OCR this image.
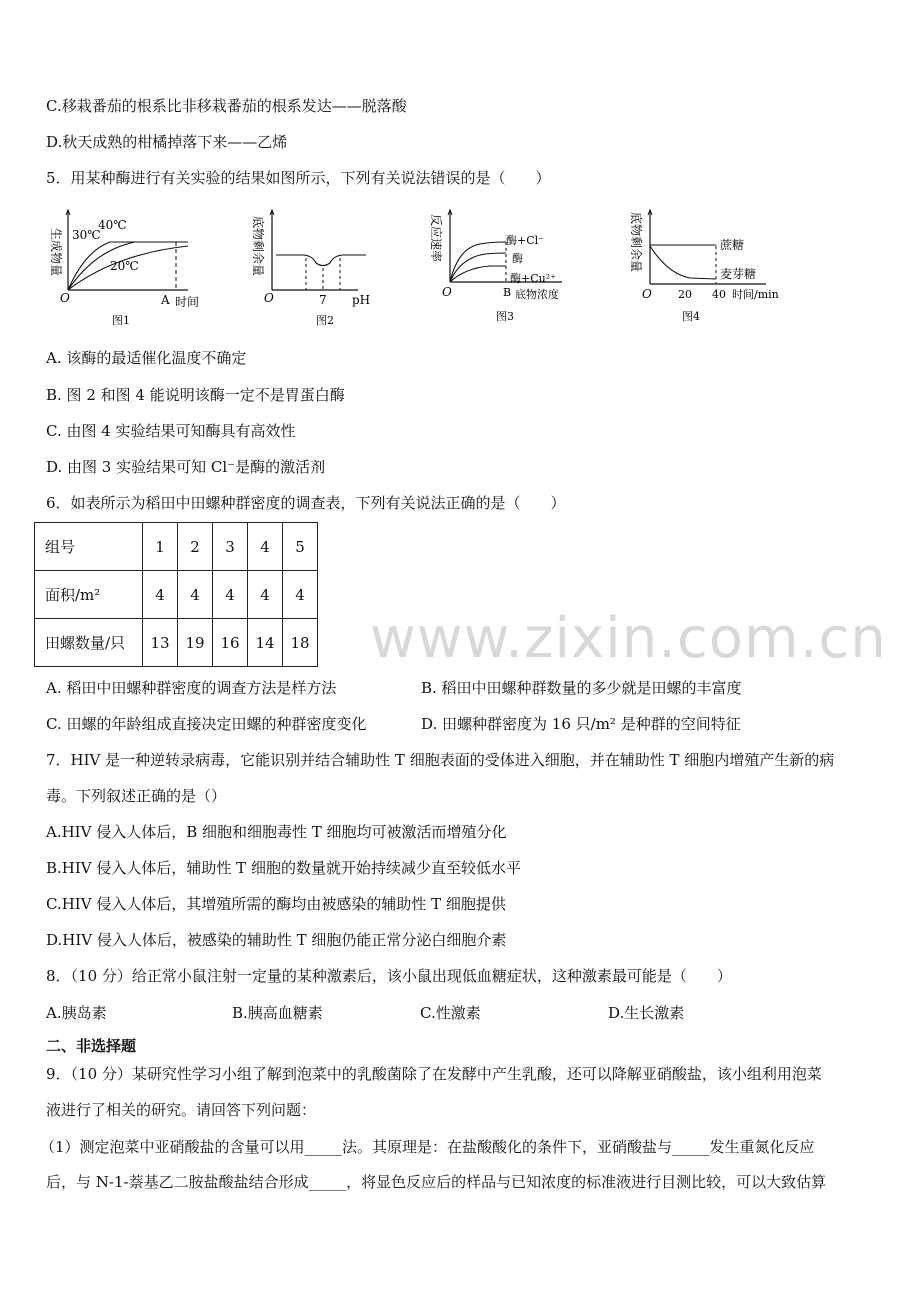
C.移栽番茄的根系比非移栽番茄的根系发达——脱落酸
D.秋天成熟的柑橘掉落下来——乙烯
5．用某种酶进行有关实验的结果如图所示，下列有关说法错误的是（　　）
生成物量 30℃
40℃
20℃
O	A 时间
图1
底物剩余量
O	7 pH
图2
反应速率	酶+Cl⁻
酶
酶+Cu²⁺
O	B 底物浓度
图3
底物剩余量	蔗糖
麦芽糖
O 20 40 时间/min
图4
A. 该酶的最适催化温度不确定
B. 图 2 和图 4 能说明该酶一定不是胃蛋白酶
C. 由图 4 实验结果可知酶具有高效性
D. 由图 3 实验结果可知 Cl⁻是酶的激活剂
6．如表所示为稻田中田螺种群密度的调查表，下列有关说法正确的是（　　）
组号	1	2	3	4	5
面积/m²	4	4	4	4	4
田螺数量/只	13	19	16	14	18 www.zixin.com.cn
A. 稻田中田螺种群密度的调查方法是样方法	B. 稻田中田螺种群数量的多少就是田螺的丰富度
C. 田螺的年龄组成直接决定田螺的种群密度变化	D. 田螺种群密度为 16 只/m² 是种群的空间特征
7．HIV 是一种逆转录病毒，它能识别并结合辅助性 T 细胞表面的受体进入细胞，并在辅助性 T 细胞内增殖产生新的病
毒。下列叙述正确的是（）
A.HIV 侵入人体后，B 细胞和细胞毒性 T 细胞均可被激活而增殖分化
B.HIV 侵入人体后，辅助性 T 细胞的数量就开始持续减少直至较低水平
C.HIV 侵入人体后，其增殖所需的酶均由被感染的辅助性 T 细胞提供
D.HIV 侵入人体后，被感染的辅助性 T 细胞仍能正常分泌白细胞介素
8．（10 分）给正常小鼠注射一定量的某种激素后，该小鼠出现低血糖症状，这种激素最可能是（　　）
A.胰岛素	B.胰高血糖素	C.性激素	D.生长激素
二、非选择题
9．（10 分）某研究性学习小组了解到泡菜中的乳酸菌除了在发酵中产生乳酸，还可以降解亚硝酸盐，该小组利用泡菜
液进行了相关的研究。请回答下列问题：
（1）测定泡菜中亚硝酸盐的含量可以用_____法。其原理是：在盐酸酸化的条件下，亚硝酸盐与_____发生重氮化反应
后，与 N-1-萘基乙二胺盐酸盐结合形成_____，将显色反应后的样品与已知浓度的标准液进行目测比较，可以大致估算
